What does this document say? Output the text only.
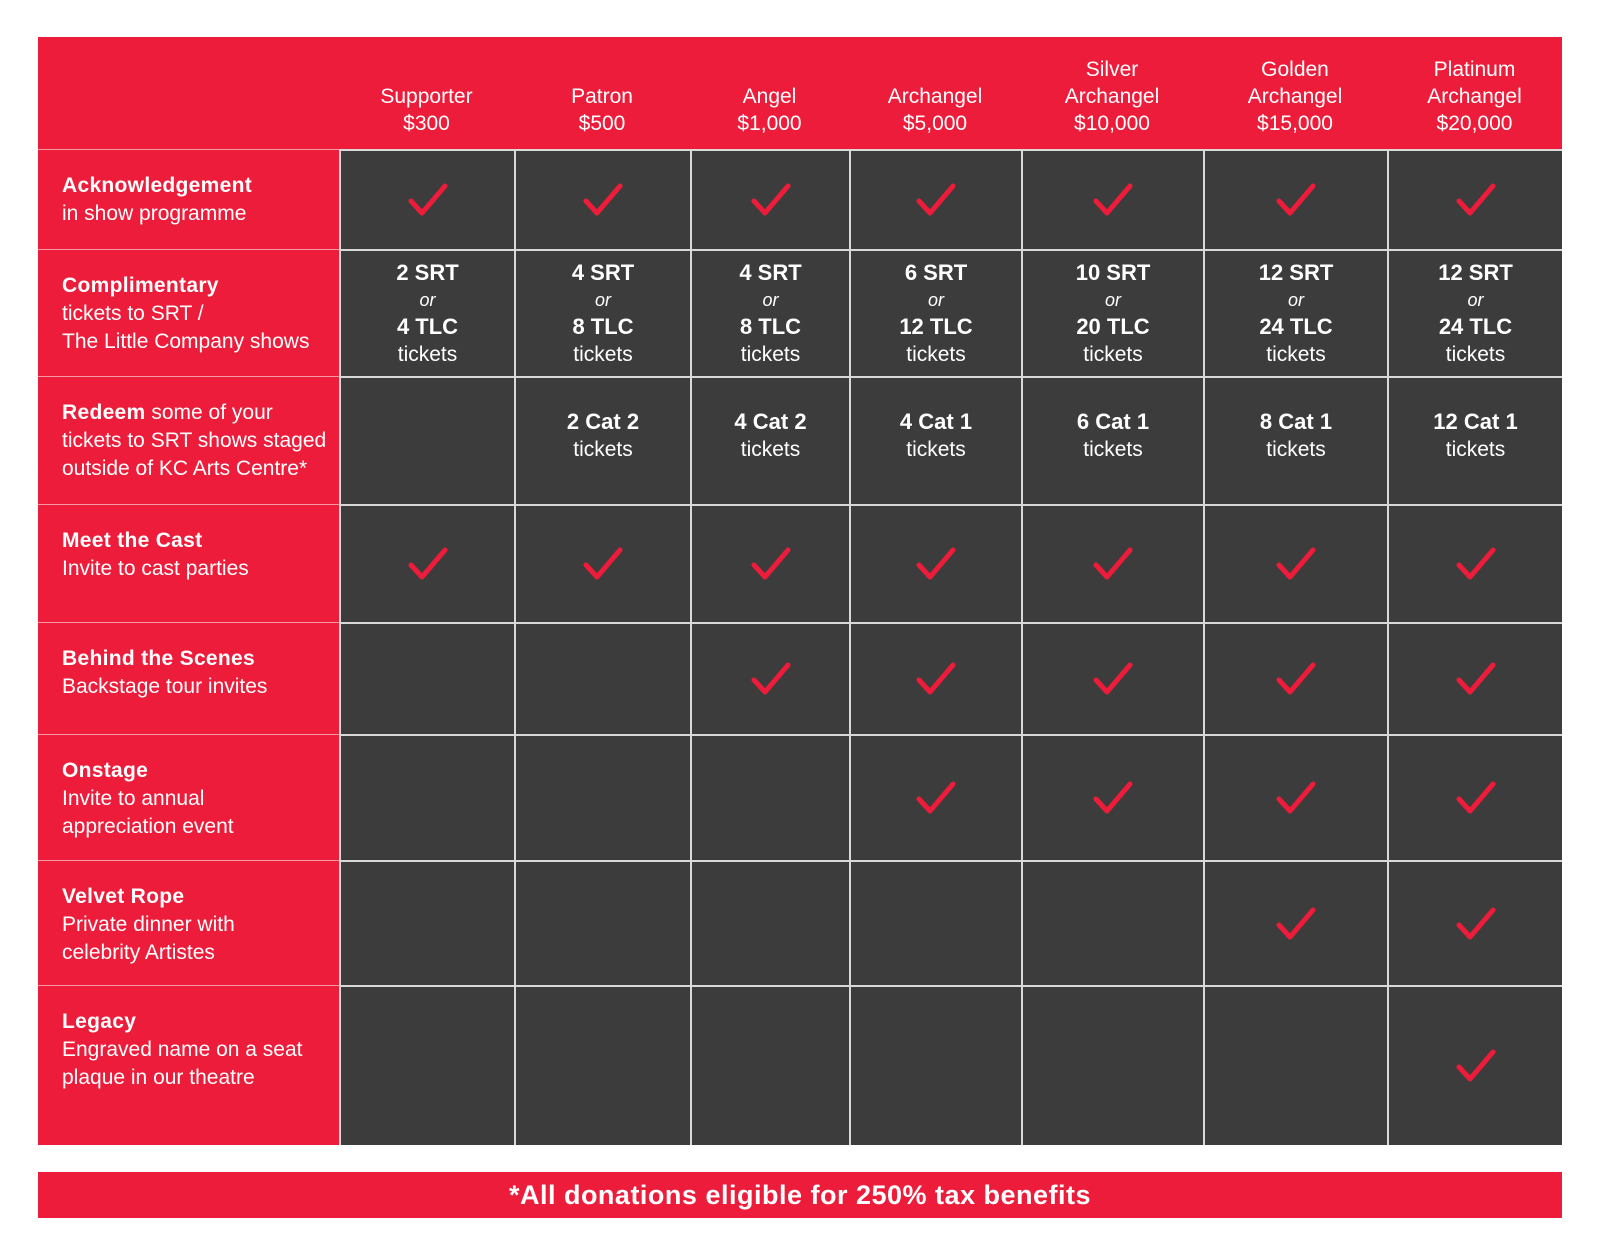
Supporter
$300
Patron
$500
Angel
$1,000
Archangel
$5,000
Silver
Archangel
$10,000
Golden
Archangel
$15,000
Platinum
Archangel
$20,000
Acknowledgement
in show programme
Complimentary
tickets to SRT /
The Little Company shows
2 SRT
or
4 TLC
tickets
4 SRT
or
8 TLC
tickets
4 SRT
or
8 TLC
tickets
6 SRT
or
12 TLC
tickets
10 SRT
or
20 TLC
tickets
12 SRT
or
24 TLC
tickets
12 SRT
or
24 TLC
tickets
Redeem some of your tickets to SRT shows staged outside of KC Arts Centre*
2 Cat 2
tickets
4 Cat 2
tickets
4 Cat 1
tickets
6 Cat 1
tickets
8 Cat 1
tickets
12 Cat 1
tickets
Meet the Cast
Invite to cast parties
Behind the Scenes
Backstage tour invites
Onstage
Invite to annual
appreciation event
Velvet Rope
Private dinner with
celebrity Artistes
Legacy
Engraved name on a seat
plaque in our theatre
*All donations eligible for 250% tax benefits
